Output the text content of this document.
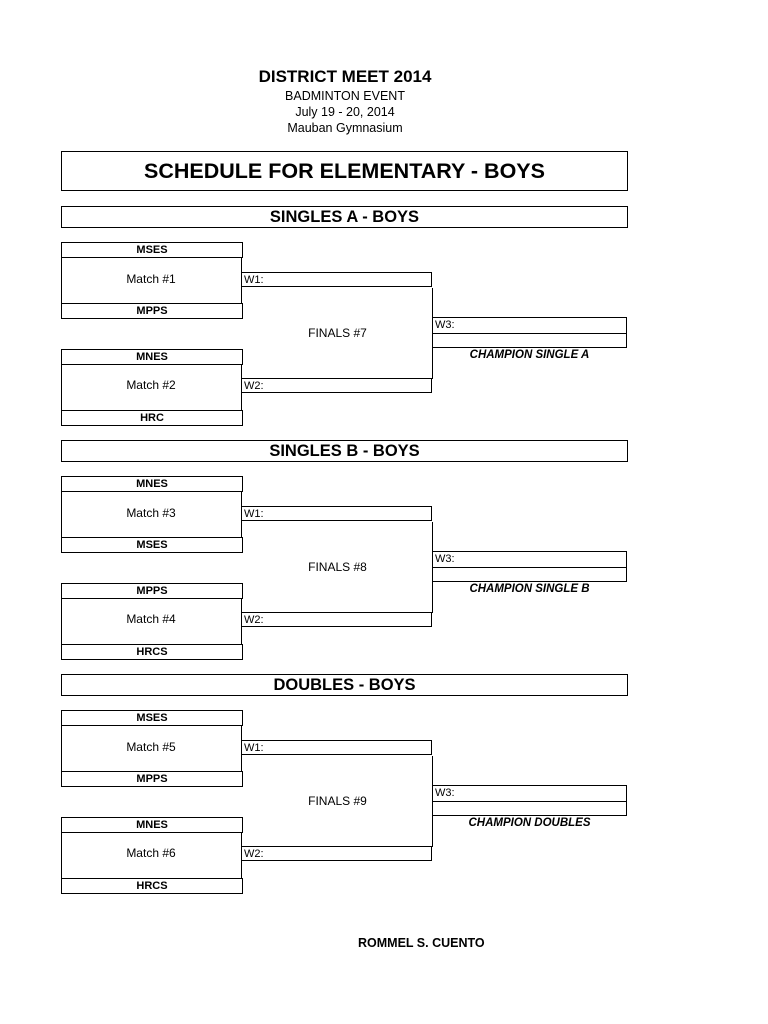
DISTRICT MEET 2014
BADMINTON EVENT
July 19 - 20, 2014
Mauban Gymnasium
SCHEDULE FOR ELEMENTARY - BOYS
SINGLES A - BOYS
MSES
MPPS
MNES
HRC
Match #1
Match #2
W1:
W2:
FINALS #7
W3:
CHAMPION SINGLE A
SINGLES B - BOYS
MNES
MSES
MPPS
HRCS
Match #3
Match #4
W1:
W2:
FINALS #8
W3:
CHAMPION SINGLE B
DOUBLES - BOYS
MSES
MPPS
MNES
HRCS
Match #5
Match #6
W1:
W2:
FINALS #9
W3:
CHAMPION DOUBLES
ROMMEL S. CUENTO
